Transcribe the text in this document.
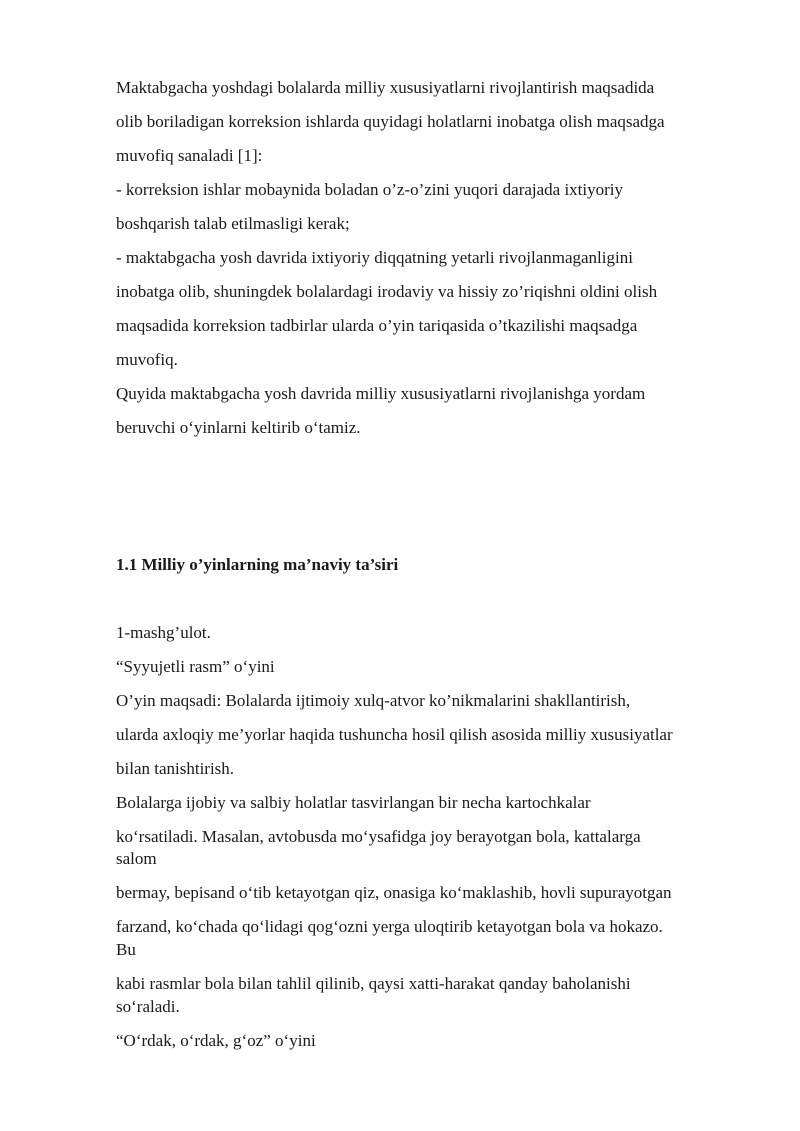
Maktabgacha yoshdagi bolalarda milliy xususiyatlarni rivojlantirish maqsadida
olib boriladigan korreksion ishlarda quyidagi holatlarni inobatga olish maqsadga
muvofiq sanaladi [1]:
- korreksion ishlar mobaynida boladan o’z-o’zini yuqori darajada ixtiyoriy
boshqarish talab etilmasligi kerak;
- maktabgacha yosh davrida ixtiyoriy diqqatning yetarli rivojlanmaganligini
inobatga olib, shuningdek bolalardagi irodaviy va hissiy zo’riqishni oldini olish
maqsadida korreksion tadbirlar ularda o’yin tariqasida o’tkazilishi maqsadga
muvofiq.
Quyida maktabgacha yosh davrida milliy xususiyatlarni rivojlanishga yordam
beruvchi o‘yinlarni keltirib o‘tamiz.
1.1 Milliy o’yinlarning ma’naviy ta’siri
1-mashg’ulot.
“Syyujetli rasm” o‘yini
O’yin maqsadi: Bolalarda ijtimoiy xulq-atvor ko’nikmalarini shakllantirish,
ularda axloqiy me’yorlar haqida tushuncha hosil qilish asosida milliy xususiyatlar
bilan tanishtirish.
Bolalarga ijobiy va salbiy holatlar tasvirlangan bir necha kartochkalar
ko‘rsatiladi. Masalan, avtobusda mo‘ysafidga joy berayotgan bola, kattalarga
salom
bermay, bepisand o‘tib ketayotgan qiz, onasiga ko‘maklashib, hovli supurayotgan
farzand, ko‘chada qo‘lidagi qog‘ozni yerga uloqtirib ketayotgan bola va hokazo.
Bu
kabi rasmlar bola bilan tahlil qilinib, qaysi xatti-harakat qanday baholanishi
so‘raladi.
“O‘rdak, o‘rdak, g‘oz” o‘yini
